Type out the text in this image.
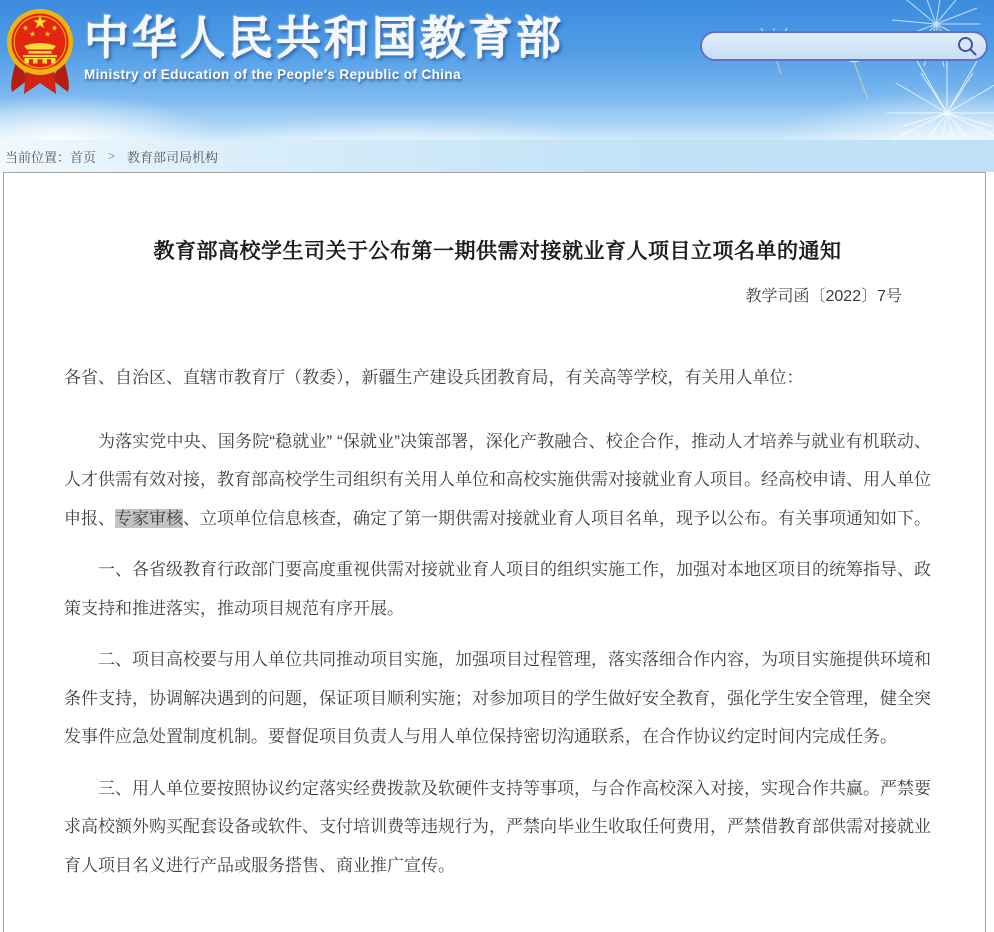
中华人民共和国教育部
Ministry of Education of the People's Republic of China
当前位置： 首页 > 教育部司局机构
教育部高校学生司关于公布第一期供需对接就业育人项目立项名单的通知
教学司函〔2022〕7号

各省、自治区、直辖市教育厅（教委），新疆生产建设兵团教育局，有关高等学校，有关用人单位：

为落实党中央、国务院“稳就业” “保就业”决策部署，深化产教融合、校企合作，推动人才培养与就业有机联动、人才供需有效对接，教育部高校学生司组织有关用人单位和高校实施供需对接就业育人项目。经高校申请、用人单位申报、专家审核、立项单位信息核查，确定了第一期供需对接就业育人项目名单，现予以公布。有关事项通知如下。

一、各省级教育行政部门要高度重视供需对接就业育人项目的组织实施工作，加强对本地区项目的统筹指导、政策支持和推进落实，推动项目规范有序开展。

二、项目高校要与用人单位共同推动项目实施，加强项目过程管理，落实落细合作内容，为项目实施提供环境和条件支持，协调解决遇到的问题，保证项目顺利实施；对参加项目的学生做好安全教育，强化学生安全管理，健全突发事件应急处置制度机制。要督促项目负责人与用人单位保持密切沟通联系，在合作协议约定时间内完成任务。

三、用人单位要按照协议约定落实经费拨款及软硬件支持等事项，与合作高校深入对接，实现合作共赢。严禁要求高校额外购买配套设备或软件、支付培训费等违规行为，严禁向毕业生收取任何费用，严禁借教育部供需对接就业育人项目名义进行产品或服务搭售、商业推广宣传。
